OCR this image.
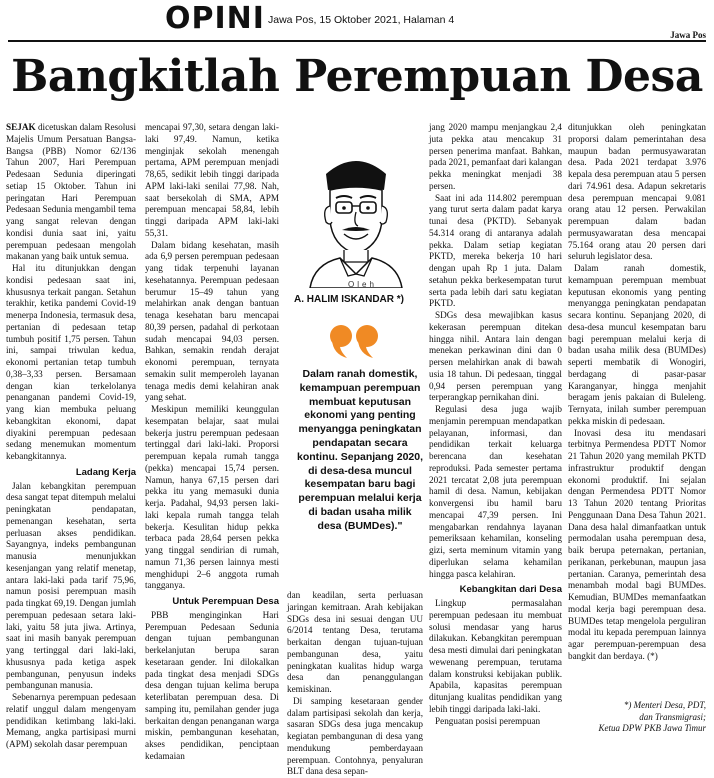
OPINI Jawa Pos, 15 Oktober 2021, Halaman 4
Jawa Pos
Bangkitlah Perempuan Desa

SEJAK dicetuskan dalam Resolusi Majelis Umum Persatuan Bangsa-Bangsa (PBB) Nomor 62/136 Tahun 2007, Hari Perempuan Pedesaan Sedunia diperingati setiap 15 Oktober. Tahun ini peringatan Hari Perempuan Pedesaan Sedunia mengambil tema yang sangat relevan dengan kondisi dunia saat ini, yaitu perempuan pedesaan mengolah makanan yang baik untuk semua.

Hal itu ditunjukkan dengan kondisi pedesaan saat ini, khususnya terkait pangan. Setahun terakhir, ketika pandemi Covid-19 menerpa Indonesia, termasuk desa, pertanian di pedesaan tetap tumbuh positif 1,75 persen. Tahun ini, sampai triwulan kedua, ekonomi pertanian tetap tumbuh 0,38–3,33 persen. Bersamaan dengan kian terkelolanya penanganan pandemi Covid-19, yang kian membuka peluang kebangkitan ekonomi, dapat diyakini perempuan pedesaan sedang menemukan momentum kebangkitannya.

Ladang Kerja

Jalan kebangkitan perempuan desa sangat tepat ditempuh melalui peningkatan pendapatan, pemenangan kesehatan, serta perluasan akses pendidikan. Sayangnya, indeks pembangunan manusia menunjukkan kesenjangan yang relatif menetap, antara laki-laki pada tarif 75,96, namun posisi perempuan masih pada tingkat 69,19. Dengan jumlah perempuan pedesaan setara laki-laki, yaitu 58 juta jiwa. Artinya, saat ini masih banyak perempuan yang tertinggal dari laki-laki, khususnya pada ketiga aspek pembangunan, penyusun indeks pembangunan manusia.

Sebenarnya perempuan pedesaan relatif unggul dalam mengenyam pendidikan ketimbang laki-laki. Memang, angka partisipasi murni (APM) sekolah dasar perempuan

mencapai 97,30, setara dengan laki-laki 97,49. Namun, ketika menginjak sekolah menengah pertama, APM perempuan menjadi 78,65, sedikit lebih tinggi daripada APM laki-laki senilai 77,98. Nah, saat bersekolah di SMA, APM perempuan mencapai 58,84, lebih tinggi daripada APM laki-laki 55,31.

Dalam bidang kesehatan, masih ada 6,9 persen perempuan pedesaan yang tidak terpenuhi layanan kesehatannya. Perempuan pedesaan berumur 15–49 tahun yang melahirkan anak dengan bantuan tenaga kesehatan baru mencapai 80,39 persen, padahal di perkotaan sudah mencapai 94,03 persen. Bahkan, semakin rendah derajat ekonomi perempuan, ternyata semakin sulit memperoleh layanan tenaga medis demi kelahiran anak yang sehat.

Meskipun memiliki keunggulan kesempatan belajar, saat mulai bekerja justru perempuan pedesaan tertinggal dari laki-laki. Proporsi perempuan kepala rumah tangga (pekka) mencapai 15,74 persen. Namun, hanya 67,15 persen dari pekka itu yang memasuki dunia kerja. Padahal, 94,93 persen laki-laki kepala rumah tangga telah bekerja. Kesulitan hidup pekka terbaca pada 28,64 persen pekka yang tinggal sendirian di rumah, namun 71,36 persen lainnya mesti menghidupi 2–6 anggota rumah tangganya.

Untuk Perempuan Desa

PBB menginginkan Hari Perempuan Pedesaan Sedunia dengan tujuan pembangunan berkelanjutan berupa saran kesetaraan gender. Ini dilokalkan pada tingkat desa menjadi SDGs desa dengan tujuan kelima berupa keterlibatan perempuan desa. Di samping itu, pemilahan gender juga berkaitan dengan penanganan warga miskin, pembangunan kesehatan, akses pendidikan, penciptaan kedamaian

Oleh
A. HALIM ISKANDAR *)
Dalam ranah domestik, kemampuan perempuan membuat keputusan ekonomi yang penting menyangga peningkatan pendapatan secara kontinu. Sepanjang 2020, di desa-desa muncul kesempatan baru bagi perempuan melalui kerja di badan usaha milik desa (BUMDes)."

dan keadilan, serta perluasan jaringan kemitraan. Arah kebijakan SDGs desa ini sesuai dengan UU 6/2014 tentang Desa, terutama berkaitan dengan tujuan-tujuan pembangunan desa, yaitu peningkatan kualitas hidup warga desa dan penanggulangan kemiskinan.

Di samping kesetaraan gender dalam partisipasi sekolah dan kerja, sasaran SDGs desa juga mencakup kegiatan pembangunan di desa yang mendukung pemberdayaan perempuan. Contohnya, penyaluran BLT dana desa sepan-

jang 2020 mampu menjangkau 2,4 juta pekka atau mencakup 31 persen penerima manfaat. Bahkan, pada 2021, pemanfaat dari kalangan pekka meningkat menjadi 38 persen.

Saat ini ada 114.802 perempuan yang turut serta dalam padat karya tunai desa (PKTD). Sebanyak 54.314 orang di antaranya adalah pekka. Dalam setiap kegiatan PKTD, mereka bekerja 10 hari dengan upah Rp 1 juta. Dalam setahun pekka berkesempatan turut serta pada lebih dari satu kegiatan PKTD.

SDGs desa mewajibkan kasus kekerasan perempuan ditekan hingga nihil. Antara lain dengan menekan perkawinan dini dan 0 persen melahirkan anak di bawah usia 18 tahun. Di pedesaan, tinggal 0,94 persen perempuan yang terperangkap pernikahan dini.

Regulasi desa juga wajib menjamin perempuan mendapatkan pelayanan, informasi, dan pendidikan terkait keluarga berencana dan kesehatan reproduksi. Pada semester pertama 2021 tercatat 2,08 juta perempuan hamil di desa. Namun, kebijakan konvergensi ibu hamil baru mencapai 47,39 persen. Ini mengabarkan rendahnya layanan pemeriksaan kehamilan, konseling gizi, serta meminum vitamin yang diperlukan selama kehamilan hingga pasca kelahiran.

Kebangkitan dari Desa

Lingkup permasalahan perempuan pedesaan itu membuat solusi mendasar yang harus dilakukan. Kebangkitan perempuan desa mesti dimulai dari peningkatan wewenang perempuan, terutama dalam konstruksi kebijakan publik. Apabila, kapasitas perempuan ditunjang kualitas pendidikan yang lebih tinggi daripada laki-laki.

Penguatan posisi perempuan

ditunjukkan oleh peningkatan proporsi dalam pemerintahan desa maupun badan permusyawaratan desa. Pada 2021 terdapat 3.976 kepala desa perempuan atau 5 persen dari 74.961 desa. Adapun sekretaris desa perempuan mencapai 9.081 orang atau 12 persen. Perwakilan perempuan dalam badan permusyawaratan desa mencapai 75.164 orang atau 20 persen dari seluruh legislator desa.

Dalam ranah domestik, kemampuan perempuan membuat keputusan ekonomis yang penting menyangga peningkatan pendapatan secara kontinu. Sepanjang 2020, di desa-desa muncul kesempatan baru bagi perempuan melalui kerja di badan usaha milik desa (BUMDes) seperti membatik di Wonogiri, berdagang di pasar-pasar Karanganyar, hingga menjahit beragam jenis pakaian di Buleleng. Ternyata, inilah sumber perempuan pekka miskin di pedesaan.

Inovasi desa itu mendasari terbitnya Permendesa PDTT Nomor 21 Tahun 2020 yang memilah PKTD infrastruktur produktif dengan ekonomi produktif. Ini sejalan dengan Permendesa PDTT Nomor 13 Tahun 2020 tentang Prioritas Penggunaan Dana Desa Tahun 2021. Dana desa halal dimanfaatkan untuk permodalan usaha perempuan desa, baik berupa peternakan, pertanian, perikanan, perkebunan, maupun jasa pertanian. Caranya, pemerintah desa menambah modal bagi BUMDes. Kemudian, BUMDes memanfaatkan modal kerja bagi perempuan desa. BUMDes tetap mengelola perguliran modal itu kepada perempuan lainnya agar perempuan-perempuan desa bangkit dan berdaya. (*)

*) Menteri Desa, PDT,
dan Transmigrasi;
Ketua DPW PKB Jawa Timur
